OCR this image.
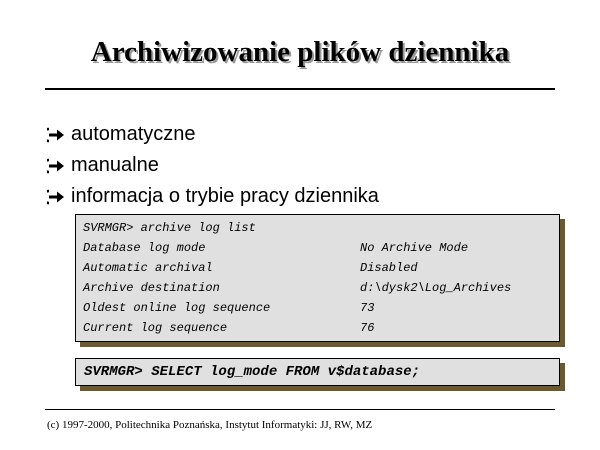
Archiwizowanie plików dziennika
automatyczne
manualne
informacja o trybie pracy dziennika
SVRMGR> archive log list
Database log mode	No Archive Mode
Automatic archival	Disabled
Archive destination	d:\dysk2\Log_Archives
Oldest online log sequence	73
Current log sequence	76
SVRMGR> SELECT log_mode FROM v$database;
(c) 1997-2000, Politechnika Poznańska, Instytut Informatyki: JJ, RW, MZ
